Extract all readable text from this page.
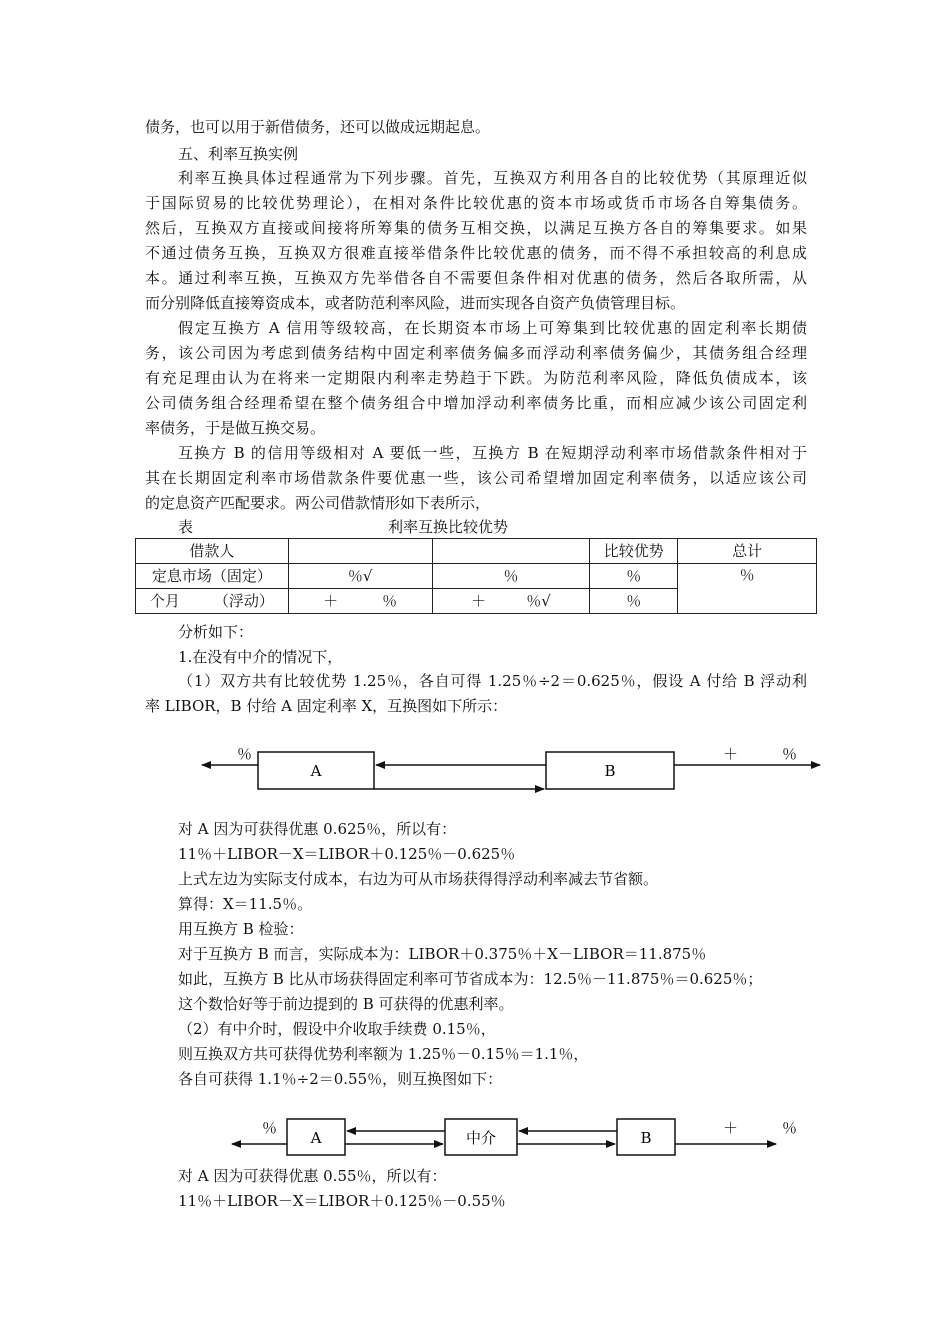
债务，也可以用于新借债务，还可以做成远期起息。
五、利率互换实例
利率互换具体过程通常为下列步骤。首先，互换双方利用各自的比较优势（其原理近似
于国际贸易的比较优势理论），在相对条件比较优惠的资本市场或货币市场各自筹集债务。
然后，互换双方直接或间接将所筹集的债务互相交换，以满足互换方各自的筹集要求。如果
不通过债务互换，互换双方很难直接举借条件比较优惠的债务，而不得不承担较高的利息成
本。通过利率互换，互换双方先举借各自不需要但条件相对优惠的债务，然后各取所需，从
而分别降低直接筹资成本，或者防范利率风险，进而实现各自资产负债管理目标。
假定互换方 A 信用等级较高，在长期资本市场上可筹集到比较优惠的固定利率长期债
务，该公司因为考虑到债务结构中固定利率债务偏多而浮动利率债务偏少，其债务组合经理
有充足理由认为在将来一定期限内利率走势趋于下跌。为防范利率风险，降低负债成本，该
公司债务组合经理希望在整个债务组合中增加浮动利率债务比重，而相应减少该公司固定利
率债务，于是做互换交易。
互换方 B 的信用等级相对 A 要低一些，互换方 B 在短期浮动利率市场借款条件相对于
其在长期固定利率市场借款条件要优惠一些，该公司希望增加固定利率债务，以适应该公司
的定息资产匹配要求。两公司借款情形如下表所示，
表	利率互换比较优势
借款人			比较优势	总计
定息市场（固定）	％√	％	％	％
个月 （浮动）	＋ ％	＋ ％√	％	
分析如下：
1.在没有中介的情况下，
（1）双方共有比较优势 1.25％，各自可得 1.25％÷2＝0.625％，假设 A 付给 B 浮动利
率 LIBOR，B 付给 A 固定利率 X，互换图如下所示：
％
A	B
＋	％
对 A 因为可获得优惠 0.625％，所以有：
11％＋LIBOR－X＝LIBOR＋0.125％－0.625％
上式左边为实际支付成本，右边为可从市场获得得浮动利率减去节省额。
算得：X＝11.5％。
用互换方 B 检验：
对于互换方 B 而言，实际成本为：LIBOR＋0.375％＋X－LIBOR＝11.875％
如此，互换方 B 比从市场获得固定利率可节省成本为：12.5％－11.875％＝0.625％；
这个数恰好等于前边提到的 B 可获得的优惠利率。
（2）有中介时，假设中介收取手续费 0.15％，
则互换双方共可获得优势利率额为 1.25％－0.15％＝1.1％，
各自可获得 1.1％÷2＝0.55％，则互换图如下：
％
A	中介	B
＋	％
对 A 因为可获得优惠 0.55％，所以有：
11％＋LIBOR－X＝LIBOR＋0.125％－0.55％
